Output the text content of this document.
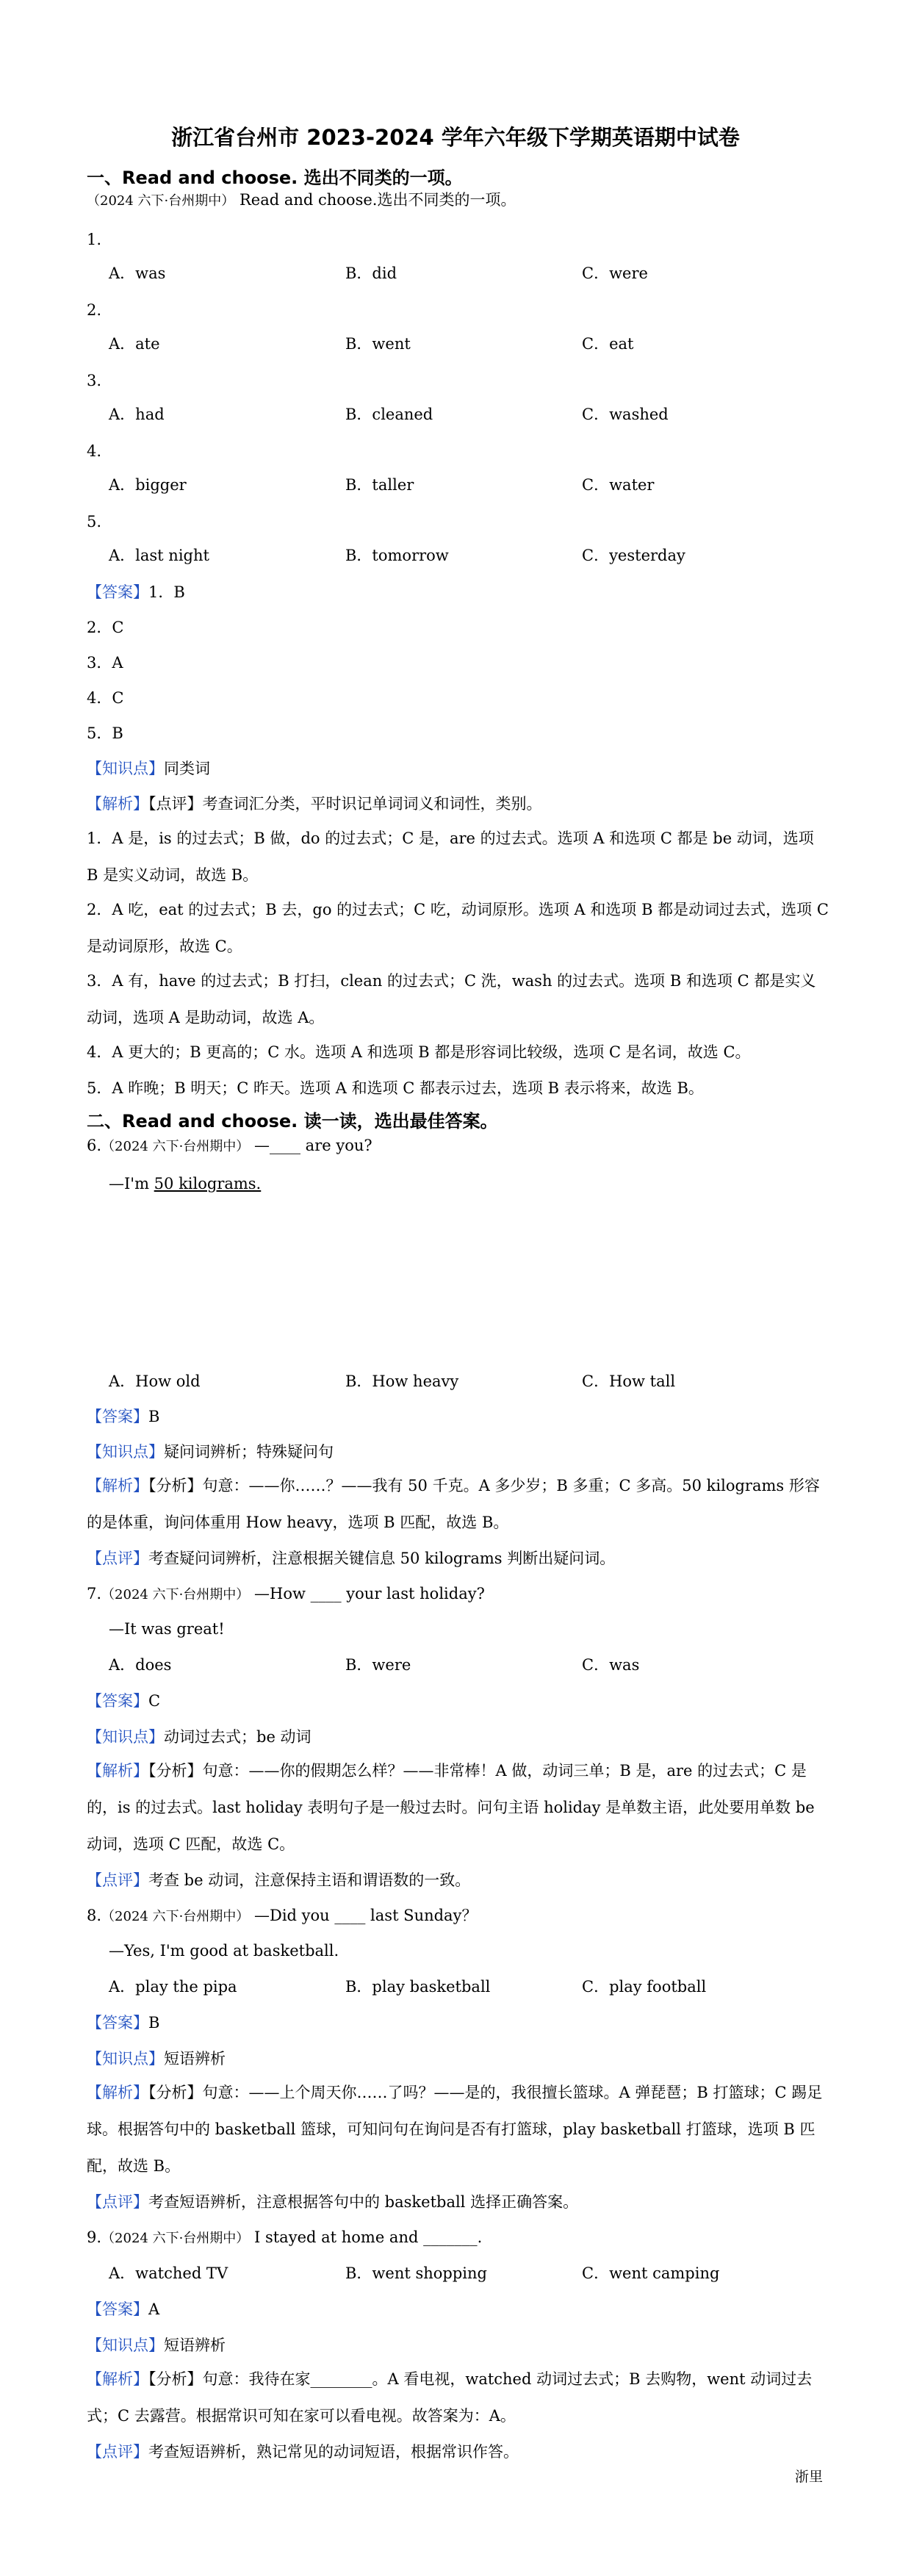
浙江省台州市 2023-2024 学年六年级下学期英语期中试卷
一、Read and choose. 选出不同类的一项。
（2024 六下·台州期中） Read and choose.选出不同类的一项。
1.
A．was	B．did	C．were
2.
A．ate	B．went	C．eat
3.
A．had	B．cleaned	C．washed
4.
A．bigger	B．taller	C．water
5.
A．last night	B．tomorrow	C．yesterday
【答案】1．B
2．C
3．A
4．C
5．B
【知识点】同类词
【解析】【点评】考查词汇分类，平时识记单词词义和词性，类别。
1．A 是，is 的过去式；B 做，do 的过去式；C 是，are 的过去式。选项 A 和选项 C 都是 be 动词，选项 B 是实义动词，故选 B。
2．A 吃，eat 的过去式；B 去，go 的过去式；C 吃，动词原形。选项 A 和选项 B 都是动词过去式，选项 C 是动词原形，故选 C。
3．A 有，have 的过去式；B 打扫，clean 的过去式；C 洗，wash 的过去式。选项 B 和选项 C 都是实义动词，选项 A 是助动词，故选 A。
4．A 更大的；B 更高的；C 水。选项 A 和选项 B 都是形容词比较级，选项 C 是名词，故选 C。
5．A 昨晚；B 明天；C 昨天。选项 A 和选项 C 都表示过去，选项 B 表示将来，故选 B。
二、Read and choose. 读一读，选出最佳答案。
6.（2024 六下·台州期中） —____ are you?
—I'm 50 kilograms.
A．How old	B．How heavy	C．How tall
【答案】B
【知识点】疑问词辨析；特殊疑问句
【解析】【分析】句意：——你……？——我有 50 千克。A 多少岁；B 多重；C 多高。50 kilograms 形容的是体重，询问体重用 How heavy，选项 B 匹配，故选 B。
【点评】考查疑问词辨析，注意根据关键信息 50 kilograms 判断出疑问词。
7.（2024 六下·台州期中） —How ____ your last holiday?
—It was great!
A．does	B．were	C．was
【答案】C
【知识点】动词过去式；be 动词
【解析】【分析】句意：——你的假期怎么样？——非常棒！A 做，动词三单；B 是，are 的过去式；C 是的，is 的过去式。last holiday 表明句子是一般过去时。问句主语 holiday 是单数主语，此处要用单数 be 动词，选项 C 匹配，故选 C。
【点评】考查 be 动词，注意保持主语和谓语数的一致。
8.（2024 六下·台州期中） —Did you ____ last Sunday？
—Yes, I'm good at basketball.
A．play the pipa	B．play basketball	C．play football
【答案】B
【知识点】短语辨析
【解析】【分析】句意：——上个周天你……了吗？——是的，我很擅长篮球。A 弹琵琶；B 打篮球；C 踢足球。根据答句中的 basketball 篮球，可知问句在询问是否有打篮球，play basketball 打篮球，选项 B 匹配，故选 B。
【点评】考查短语辨析，注意根据答句中的 basketball 选择正确答案。
9.（2024 六下·台州期中） I stayed at home and _______.
A．watched TV	B．went shopping	C．went camping
【答案】A
【知识点】短语辨析
【解析】【分析】句意：我待在家________。A 看电视，watched 动词过去式；B 去购物，went 动词过去式；C 去露营。根据常识可知在家可以看电视。故答案为：A。
【点评】考查短语辨析，熟记常见的动词短语，根据常识作答。
浙里
